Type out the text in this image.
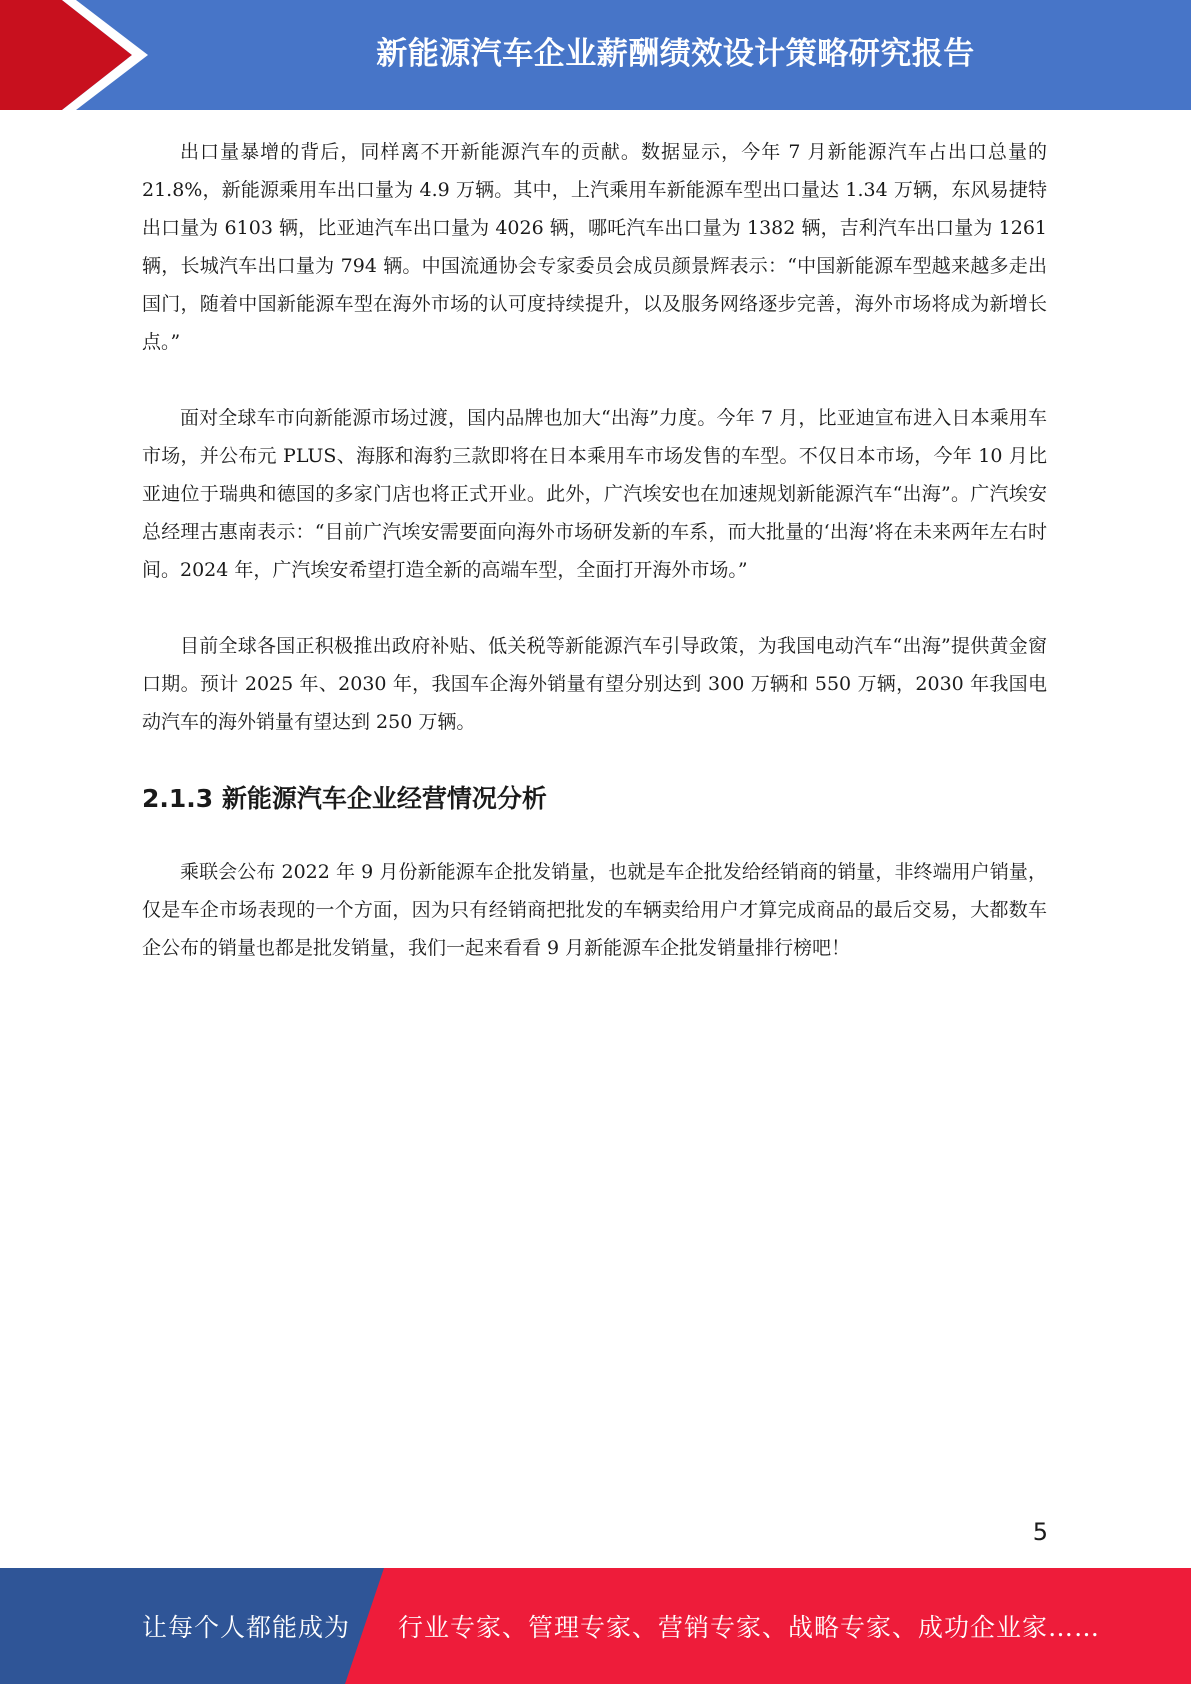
新能源汽车企业薪酬绩效设计策略研究报告

出口量暴增的背后，同样离不开新能源汽车的贡献。数据显示，今年 7 月新能源汽车占出口总量的 21.8%，新能源乘用车出口量为 4.9 万辆。其中，上汽乘用车新能源车型出口量达 1.34 万辆，东风易捷特出口量为 6103 辆，比亚迪汽车出口量为 4026 辆，哪吒汽车出口量为 1382 辆，吉利汽车出口量为 1261 辆，长城汽车出口量为 794 辆。中国流通协会专家委员会成员颜景辉表示：“中国新能源车型越来越多走出国门，随着中国新能源车型在海外市场的认可度持续提升，以及服务网络逐步完善，海外市场将成为新增长点。”

面对全球车市向新能源市场过渡，国内品牌也加大“出海”力度。今年 7 月，比亚迪宣布进入日本乘用车市场，并公布元 PLUS、海豚和海豹三款即将在日本乘用车市场发售的车型。不仅日本市场，今年 10 月比亚迪位于瑞典和德国的多家门店也将正式开业。此外，广汽埃安也在加速规划新能源汽车“出海”。广汽埃安总经理古惠南表示：“目前广汽埃安需要面向海外市场研发新的车系，而大批量的‘出海’将在未来两年左右时间。2024 年，广汽埃安希望打造全新的高端车型，全面打开海外市场。”

目前全球各国正积极推出政府补贴、低关税等新能源汽车引导政策，为我国电动汽车“出海”提供黄金窗口期。预计 2025 年、2030 年，我国车企海外销量有望分别达到 300 万辆和 550 万辆，2030 年我国电动汽车的海外销量有望达到 250 万辆。

2.1.3 新能源汽车企业经营情况分析

乘联会公布 2022 年 9 月份新能源车企批发销量，也就是车企批发给经销商的销量，非终端用户销量，仅是车企市场表现的一个方面，因为只有经销商把批发的车辆卖给用户才算完成商品的最后交易，大都数车企公布的销量也都是批发销量，我们一起来看看 9 月新能源车企批发销量排行榜吧！

5
让每个人都能成为 行业专家、管理专家、营销专家、战略专家、成功企业家……
